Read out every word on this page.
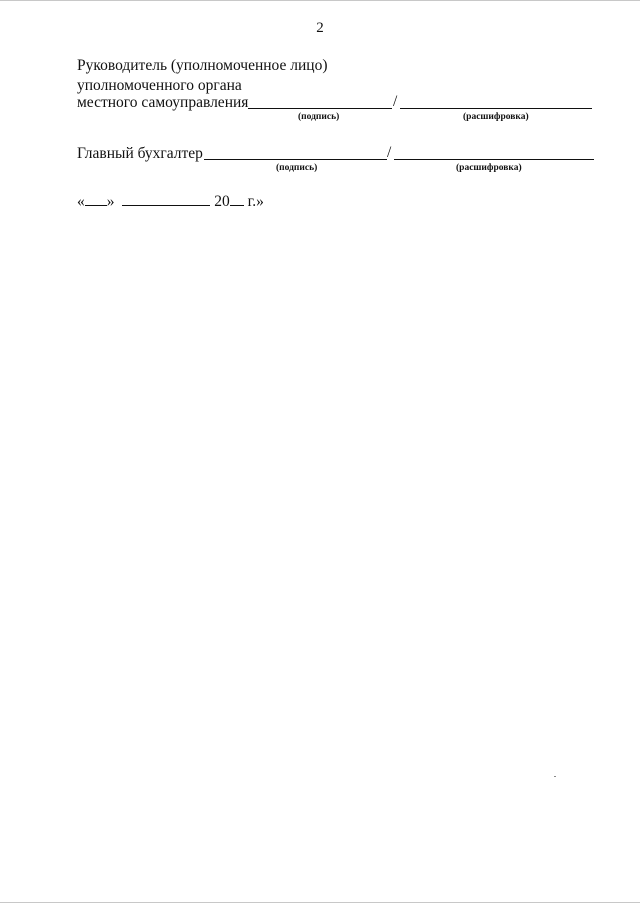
2
Руководитель (уполномоченное лицо)
уполномоченного органа
местного самоуправления	/
(подпись)	(расшифровка)
Главный бухгалтер	/
(подпись)	(расшифровка)
« »	20 г.»
